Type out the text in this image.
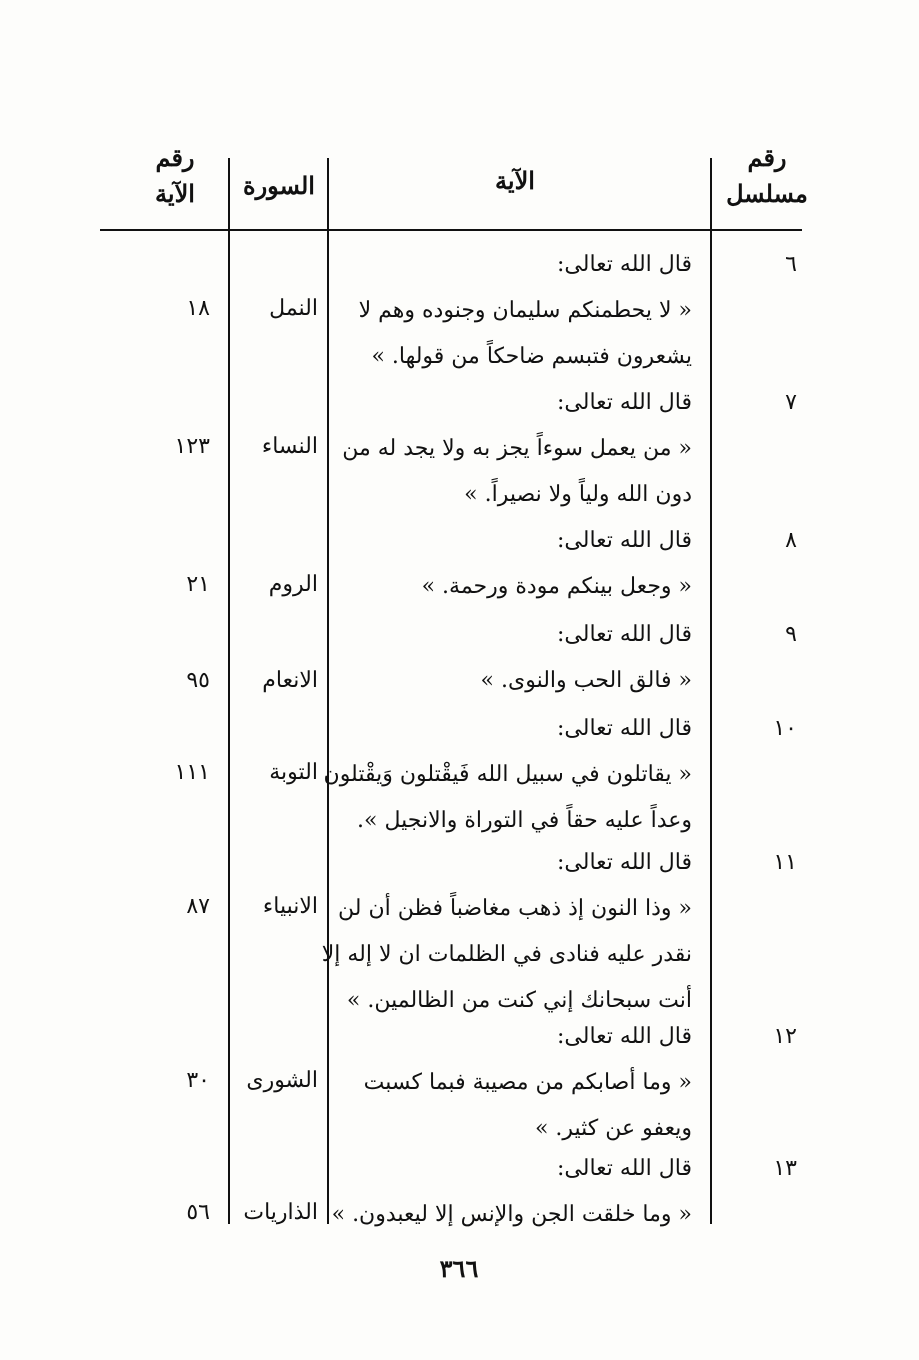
رقم
مسلسل
الآية
السورة
رقم
الآية
٦
قال الله تعالى:
« لا يحطمنكم سليمان وجنوده وهم لا
يشعرون فتبسم ضاحكاً من قولها. »
النمل
١٨
٧
قال الله تعالى:
« من يعمل سوءاً يجز به ولا يجد له من
دون الله ولياً ولا نصيراً. »
النساء
١٢٣
٨
قال الله تعالى:
« وجعل بينكم مودة ورحمة. »
الروم
٢١
٩
قال الله تعالى:
« فالق الحب والنوى. »
الانعام
٩٥
١٠
قال الله تعالى:
« يقاتلون في سبيل الله فَيقْتلون وَيقْتلون
وعداً عليه حقاً في التوراة والانجيل ».
التوبة
١١١
١١
قال الله تعالى:
« وذا النون إذ ذهب مغاضباً فظن أن لن
نقدر عليه فنادى في الظلمات ان لا إله إلا
أنت سبحانك إني كنت من الظالمين. »
الانبياء
٨٧
١٢
قال الله تعالى:
« وما أصابكم من مصيبة فبما كسبت
ويعفو عن كثير. »
الشورى
٣٠
١٣
قال الله تعالى:
« وما خلقت الجن والإنس إلا ليعبدون. »
الذاريات
٥٦
٣٦٦
